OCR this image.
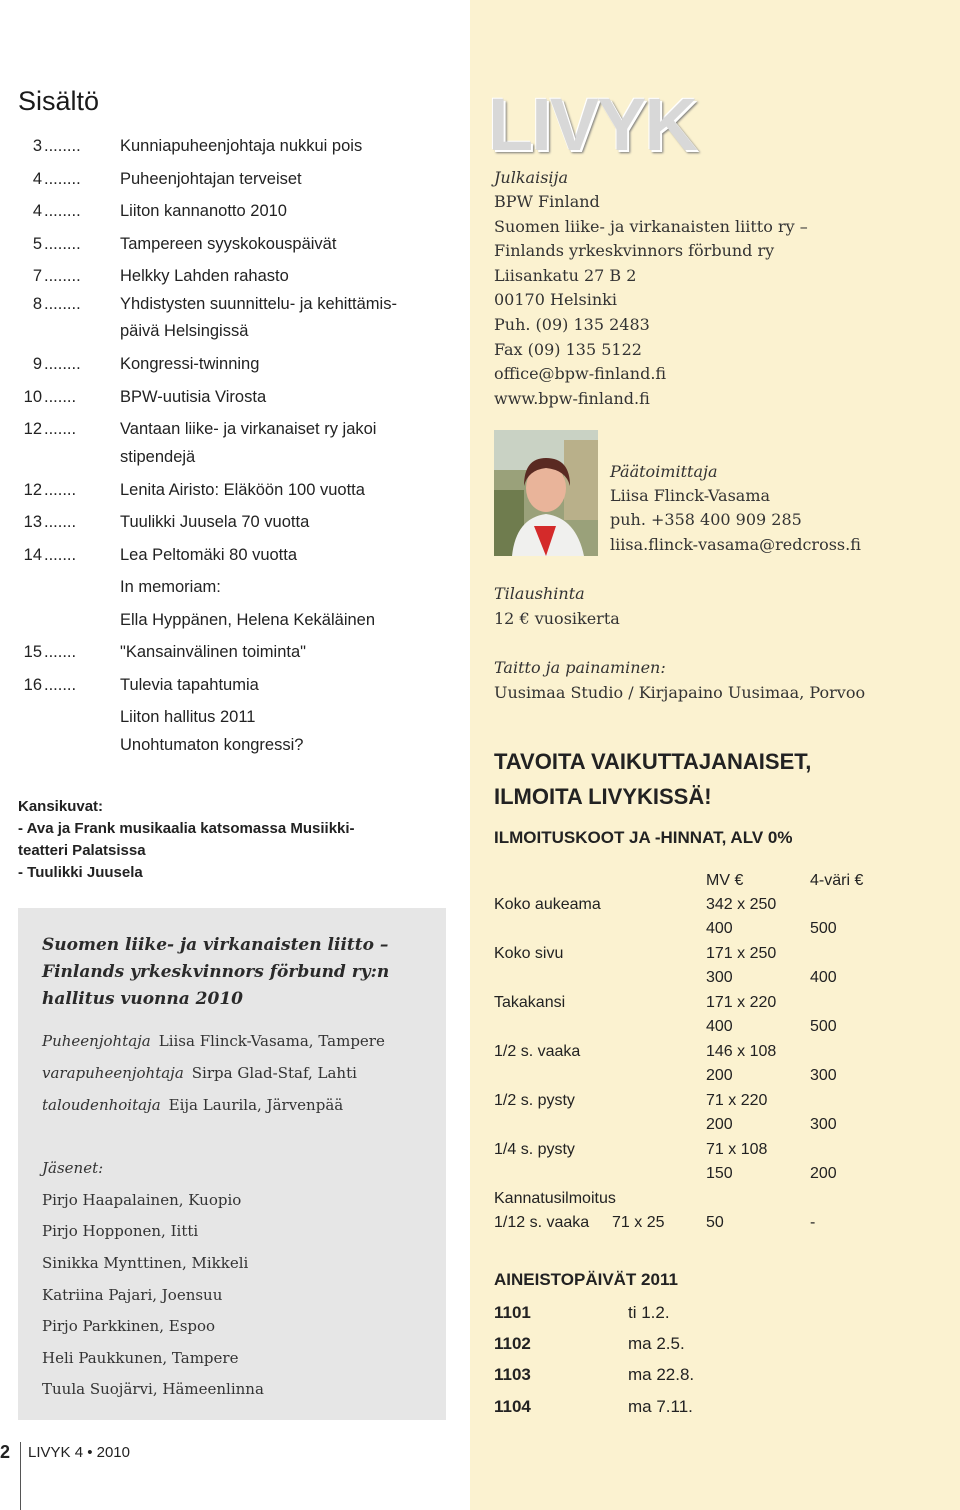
LIVYK
Julkaisija
BPW Finland
Suomen liike- ja virkanaisten liitto ry –
Finlands yrkeskvinnors förbund ry
Liisankatu 27 B 2
00170 Helsinki
Puh. (09) 135 2483
Fax (09) 135 5122
office@bpw-finland.fi
www.bpw-finland.fi
Päätoimittaja
Liisa Flinck-Vasama
puh. +358 400 909 285
liisa.flinck-vasama@redcross.fi
Tilaushinta
12 € vuosikerta
Taitto ja painaminen:
Uusimaa Studio / Kirjapaino Uusimaa, Porvoo
TAVOITA VAIKUTTAJANAISET,
ILMOITA LIVYKISSÄ!
ILMOITUSKOOT JA -HINNAT, ALV 0%
MV €	4-väri €
Koko aukeama	342 x 250
400	500
Koko sivu	171 x 250
300	400
Takakansi	171 x 220
400	500
1/2 s. vaaka	146 x 108
200	300
1/2 s. pysty	71 x 220
200	300
1/4 s. pysty	71 x 108
150	200
Kannatusilmoitus
1/12 s. vaaka 71 x 25	50	-
AINEISTOPÄIVÄT 2011
1101	ti 1.2.
1102	ma 2.5.
1103	ma 22.8.
1104	ma 7.11.
Sisältö
3 ........ Kunniapuheenjohtaja nukkui pois
4 ........ Puheenjohtajan terveiset
4 ........ Liiton kannanotto 2010
5 ........ Tampereen syyskokouspäivät
7 ........ Helkky Lahden rahasto
8 ........ Yhdistysten suunnittelu- ja kehittämis-
päivä Helsingissä
9 ........ Kongressi-twinning
10 .......	BPW-uutisia Virosta
12 .......	Vantaan liike- ja virkanaiset ry jakoi
stipendejä
12 .......	Lenita Airisto: Eläköön 100 vuotta
13 .......	Tuulikki Juusela 70 vuotta
14 .......	Lea Peltomäki 80 vuotta
In memoriam:
Ella Hyppänen, Helena Kekäläinen
15 .......	"Kansainvälinen toiminta"
16 .......	Tulevia tapahtumia
Liiton hallitus 2011
Unohtumaton kongressi?
Kansikuvat:
- Ava ja Frank musikaalia katsomassa Musiikki-
teatteri Palatsissa
- Tuulikki Juusela
Suomen liike- ja virkanaisten liitto –
Finlands yrkeskvinnors förbund ry:n
hallitus vuonna 2010
Puheenjohtaja Liisa Flinck-Vasama, Tampere
varapuheenjohtaja Sirpa Glad-Staf, Lahti
taloudenhoitaja Eija Laurila, Järvenpää
Jäsenet:
Pirjo Haapalainen, Kuopio
Pirjo Hopponen, Iitti
Sinikka Mynttinen, Mikkeli
Katriina Pajari, Joensuu
Pirjo Parkkinen, Espoo
Heli Paukkunen, Tampere
Tuula Suojärvi, Hämeenlinna
2 LIVYK 4 • 2010
